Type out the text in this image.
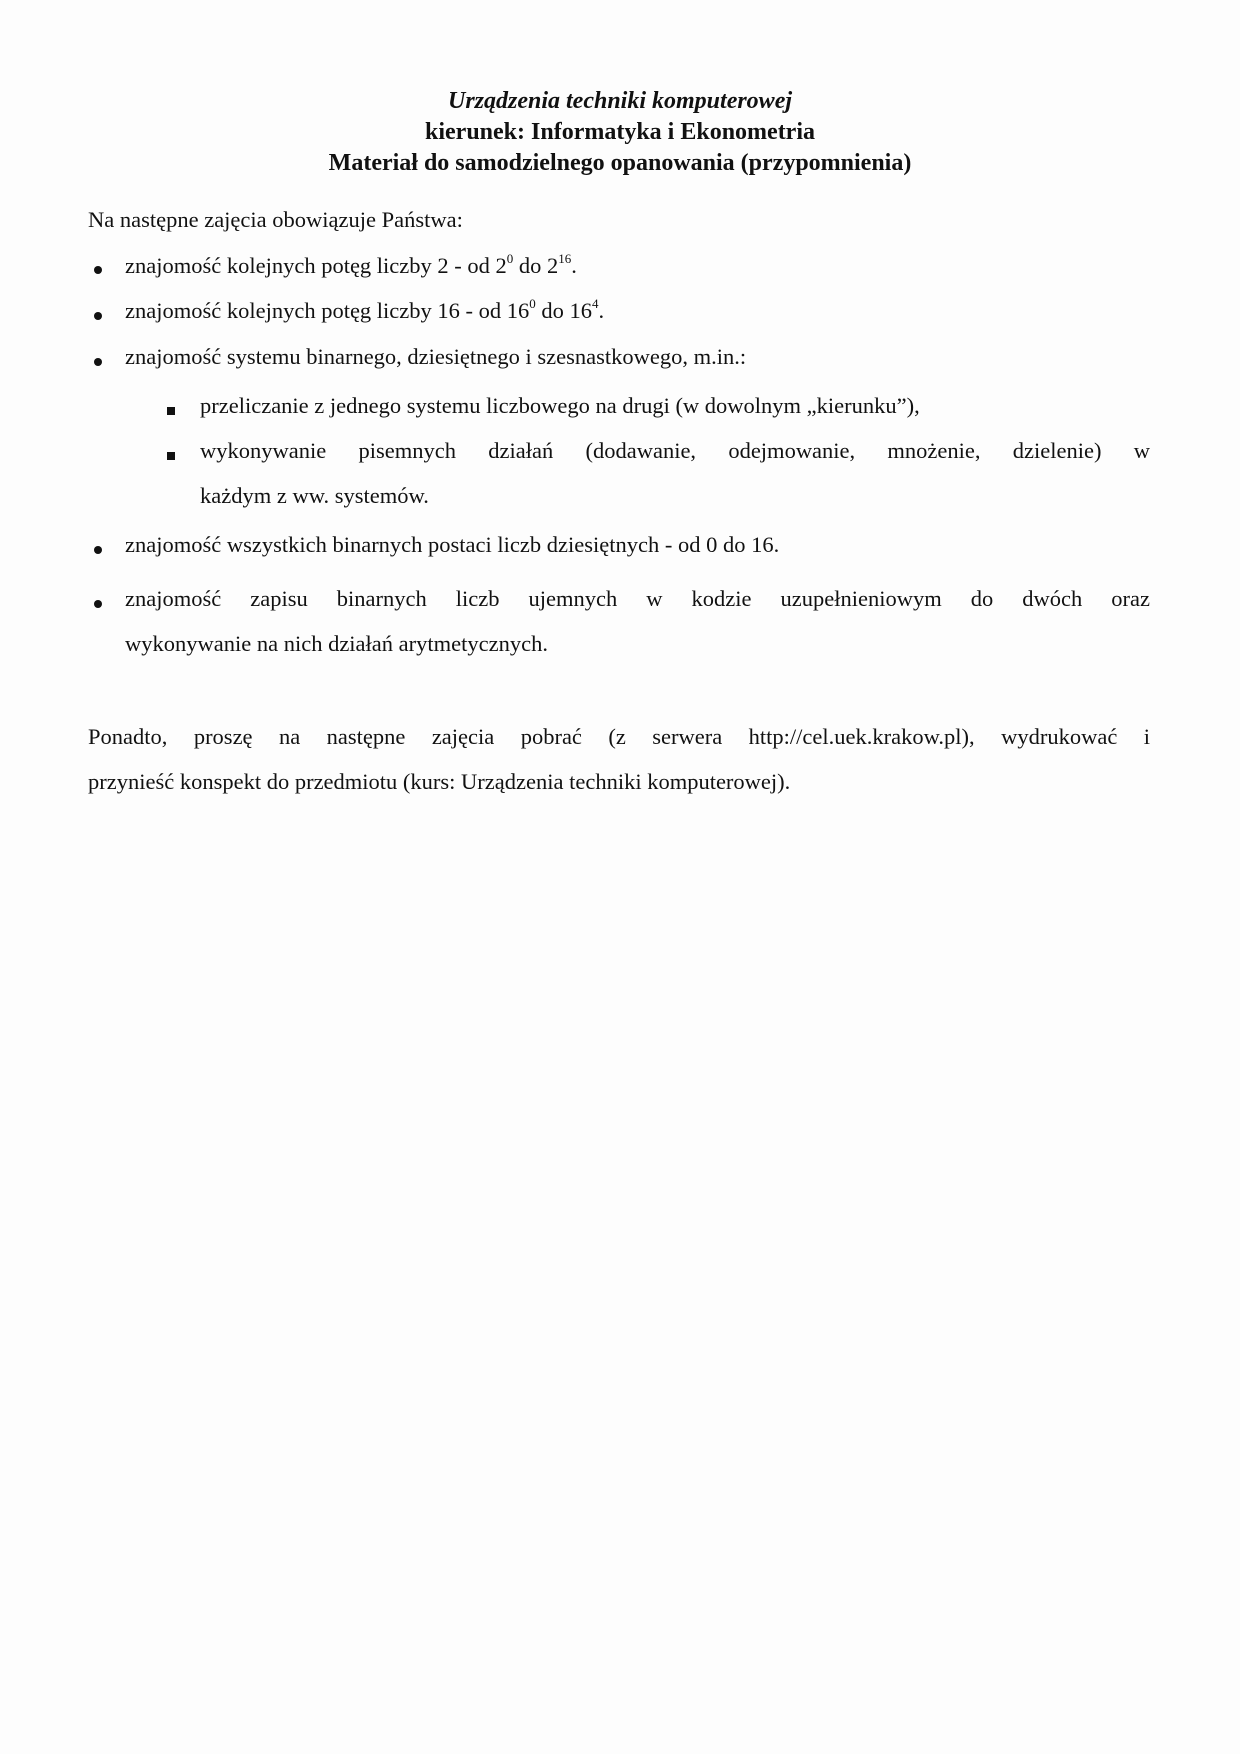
Urządzenia techniki komputerowej
kierunek: Informatyka i Ekonometria
Materiał do samodzielnego opanowania (przypomnienia)
Na następne zajęcia obowiązuje Państwa:
znajomość kolejnych potęg liczby 2 - od $2^0$ do $2^{16}$.
znajomość kolejnych potęg liczby 16 - od $16^0$ do $16^4$.
znajomość systemu binarnego, dziesiętnego i szesnastkowego, m.in.:
przeliczanie z jednego systemu liczbowego na drugi (w dowolnym „kierunku”),
wykonywanie pisemnych działań (dodawanie, odejmowanie, mnożenie, dzielenie) w
każdym z ww. systemów.
znajomość wszystkich binarnych postaci liczb dziesiętnych - od 0 do 16.
znajomość zapisu binarnych liczb ujemnych w kodzie uzupełnieniowym do dwóch oraz
wykonywanie na nich działań arytmetycznych.
Ponadto, proszę na następne zajęcia pobrać (z serwera http://cel.uek.krakow.pl), wydrukować i
przynieść konspekt do przedmiotu (kurs: Urządzenia techniki komputerowej).
